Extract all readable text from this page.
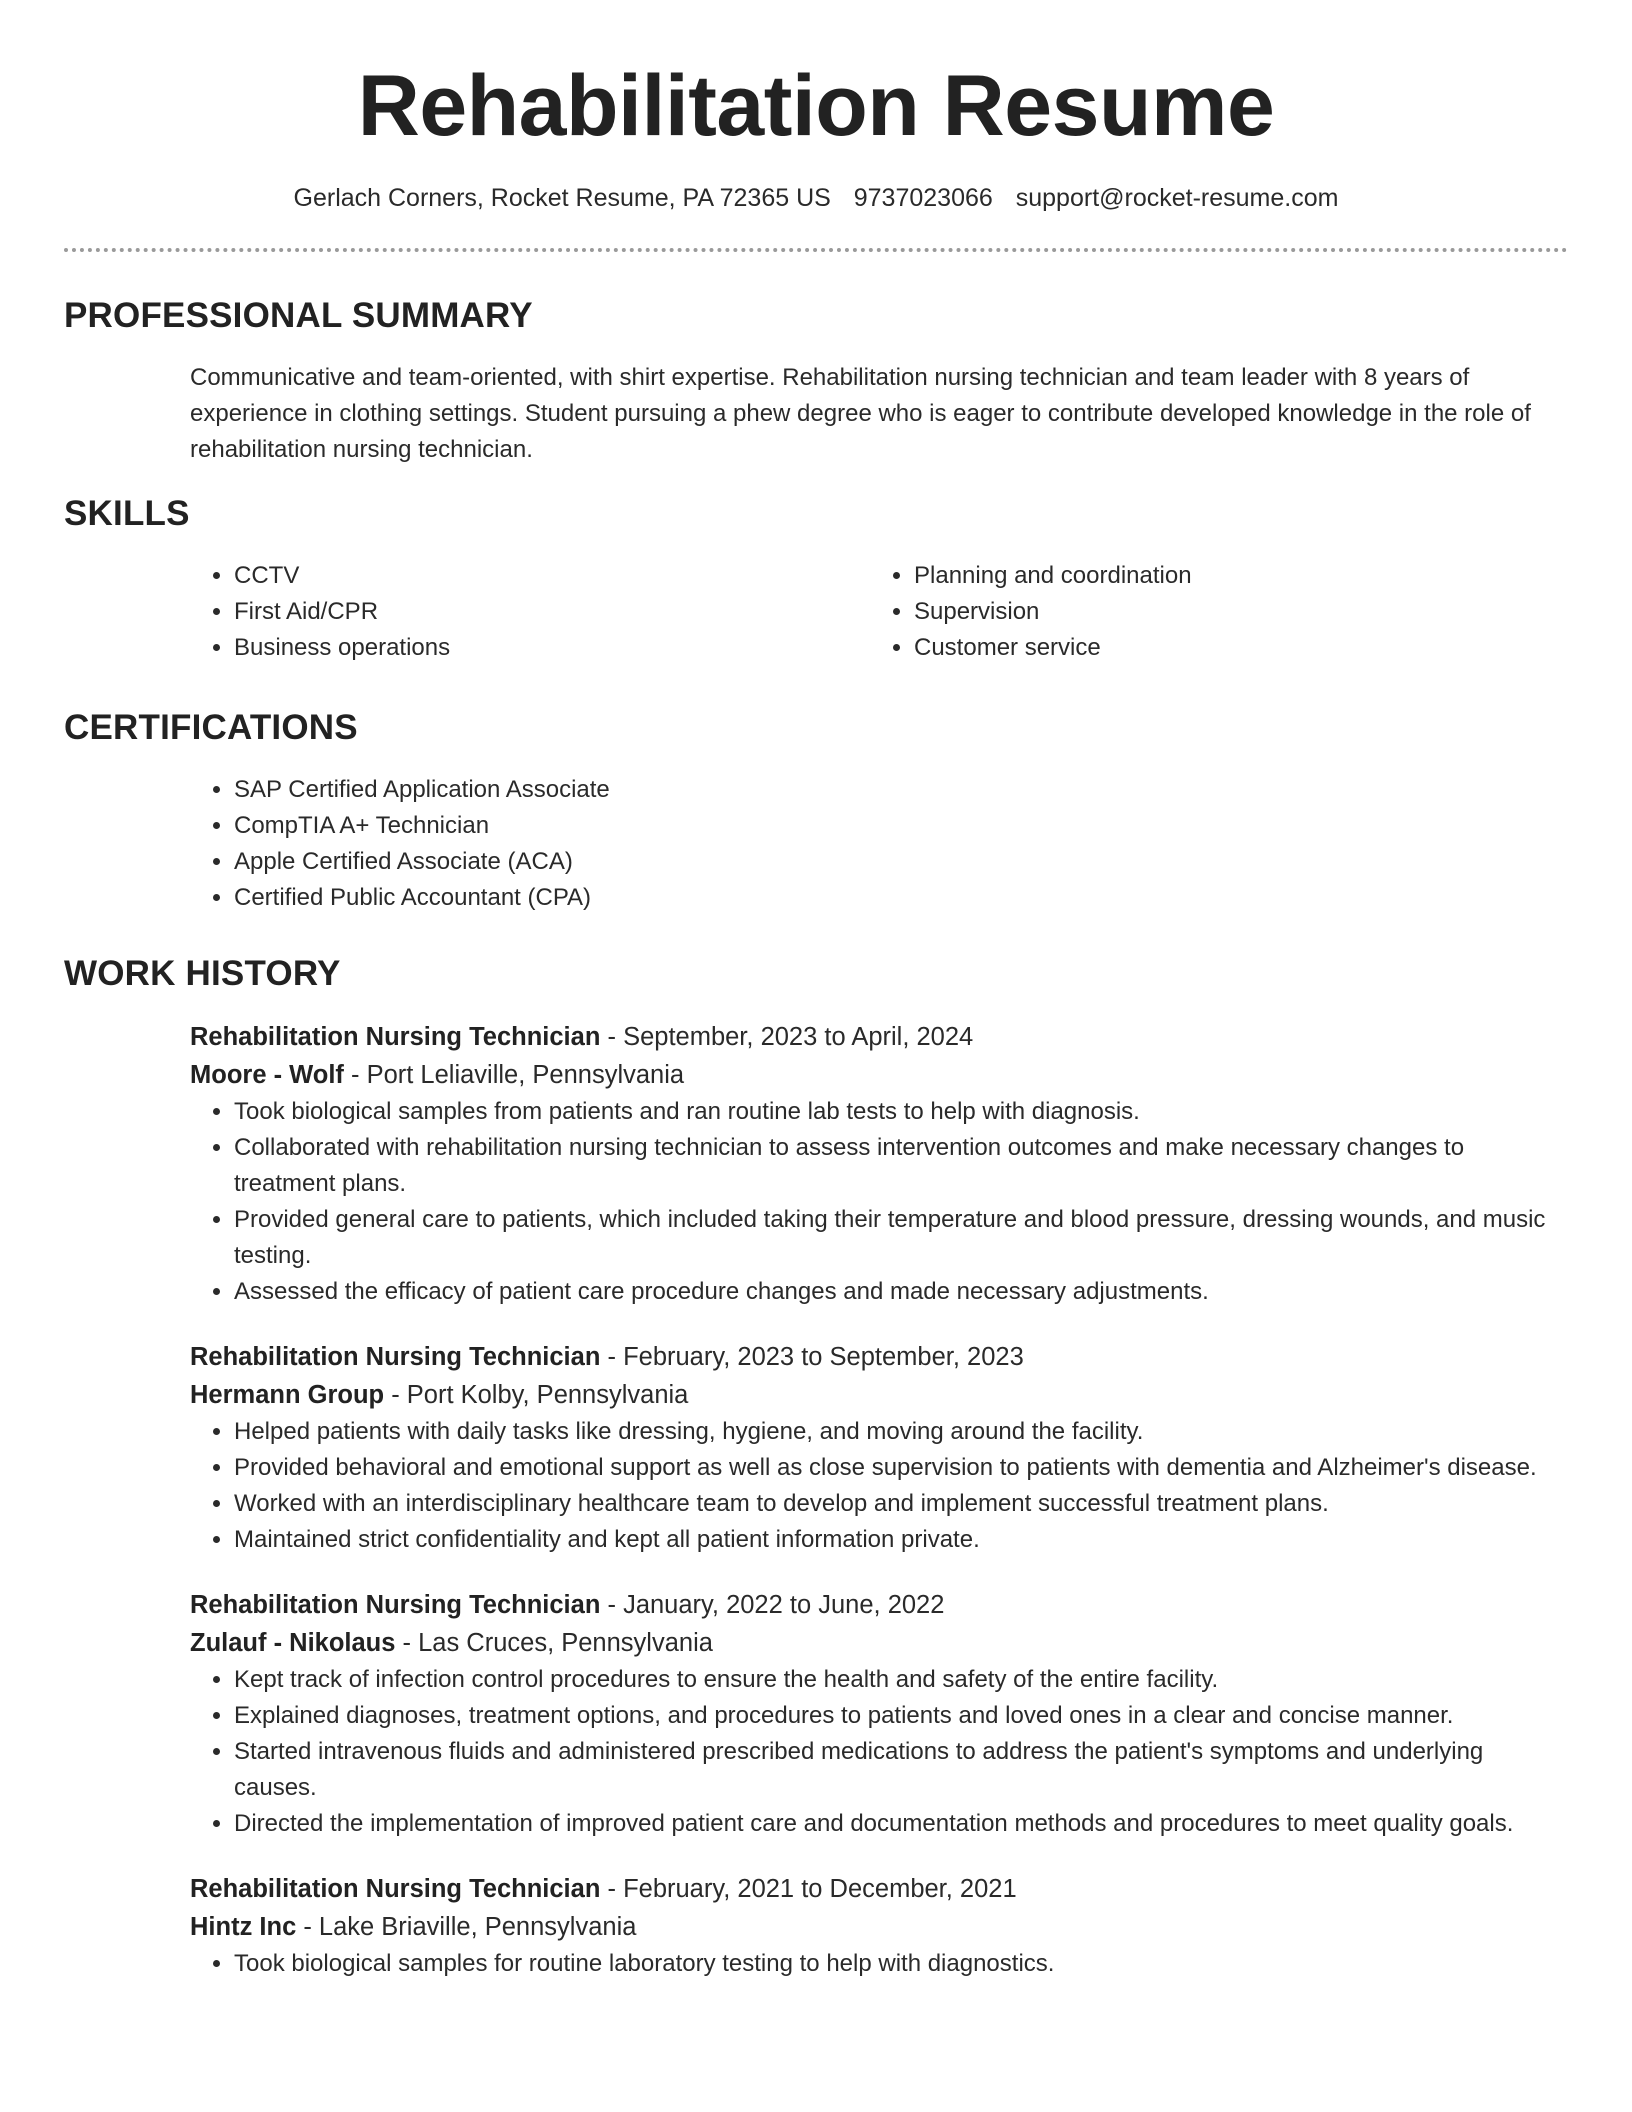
Rehabilitation Resume
Gerlach Corners, Rocket Resume, PA 72365 US 9737023066 support@rocket-resume.com
PROFESSIONAL SUMMARY
Communicative and team-oriented, with shirt expertise. Rehabilitation nursing technician and team leader with 8 years of experience in clothing settings. Student pursuing a phew degree who is eager to contribute developed knowledge in the role of rehabilitation nursing technician.
SKILLS
• CCTV
• First Aid/CPR
• Business operations
• Planning and coordination
• Supervision
• Customer service
CERTIFICATIONS
• SAP Certified Application Associate
• CompTIA A+ Technician
• Apple Certified Associate (ACA)
• Certified Public Accountant (CPA)
WORK HISTORY
Rehabilitation Nursing Technician - September, 2023 to April, 2024
Moore - Wolf - Port Leliaville, Pennsylvania
• Took biological samples from patients and ran routine lab tests to help with diagnosis.
• Collaborated with rehabilitation nursing technician to assess intervention outcomes and make necessary changes to treatment plans.
• Provided general care to patients, which included taking their temperature and blood pressure, dressing wounds, and music testing.
• Assessed the efficacy of patient care procedure changes and made necessary adjustments.
Rehabilitation Nursing Technician - February, 2023 to September, 2023
Hermann Group - Port Kolby, Pennsylvania
• Helped patients with daily tasks like dressing, hygiene, and moving around the facility.
• Provided behavioral and emotional support as well as close supervision to patients with dementia and Alzheimer's disease.
• Worked with an interdisciplinary healthcare team to develop and implement successful treatment plans.
• Maintained strict confidentiality and kept all patient information private.
Rehabilitation Nursing Technician - January, 2022 to June, 2022
Zulauf - Nikolaus - Las Cruces, Pennsylvania
• Kept track of infection control procedures to ensure the health and safety of the entire facility.
• Explained diagnoses, treatment options, and procedures to patients and loved ones in a clear and concise manner.
• Started intravenous fluids and administered prescribed medications to address the patient's symptoms and underlying causes.
• Directed the implementation of improved patient care and documentation methods and procedures to meet quality goals.
Rehabilitation Nursing Technician - February, 2021 to December, 2021
Hintz Inc - Lake Briaville, Pennsylvania
• Took biological samples for routine laboratory testing to help with diagnostics.
